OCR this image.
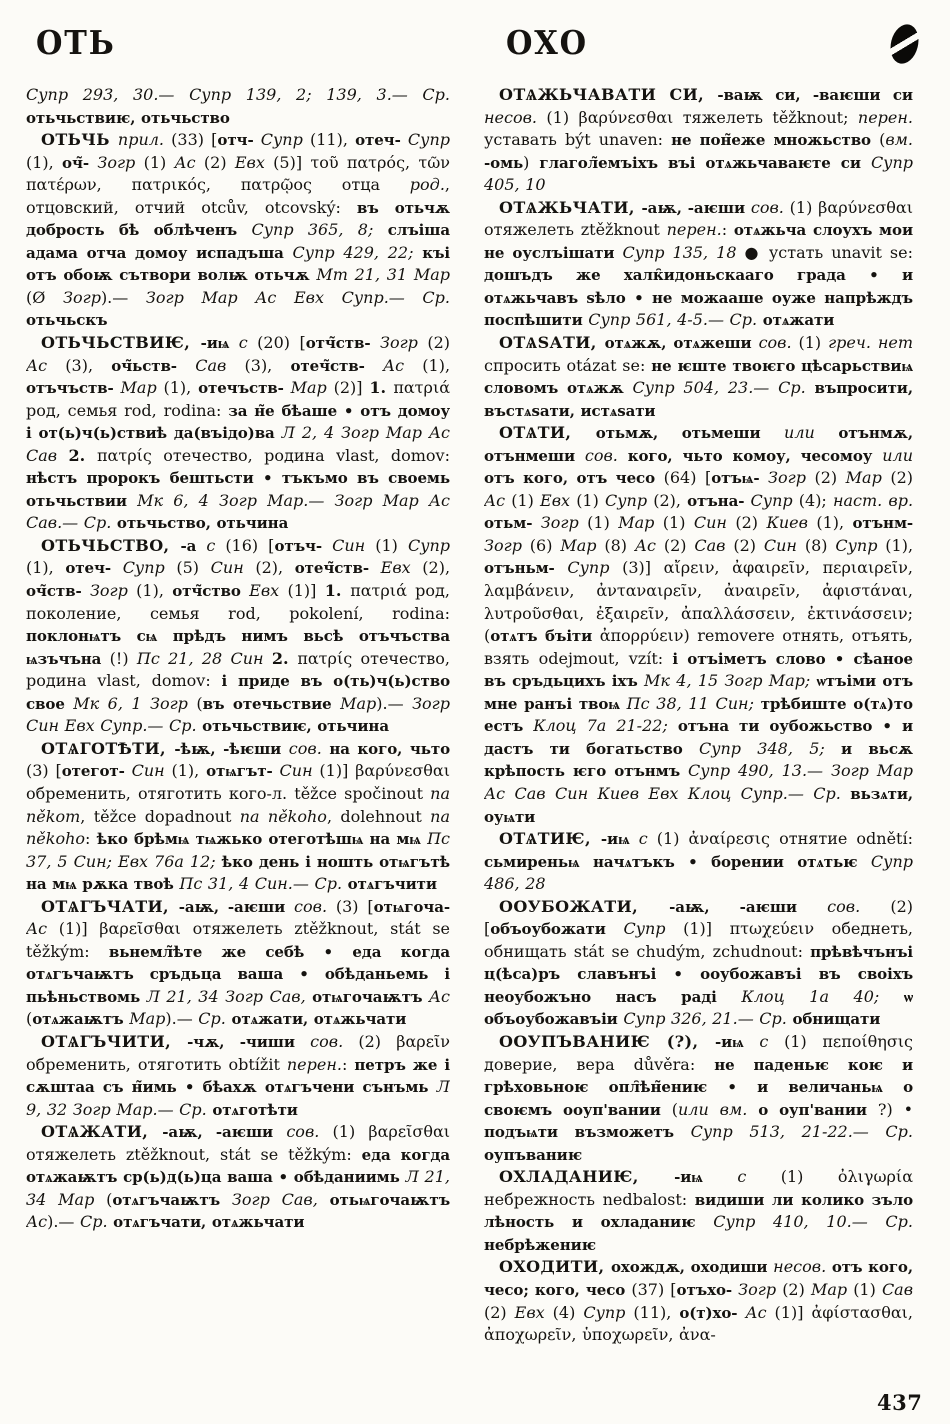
ОТЬ	ОХО

Супр 293, 30.— Супр 139, 2; 139, 3.— Ср. отьчьствиѥ, отьчьство

ОТЬЧЬ прил. (33) [отч- Супр (11), отеч- Супр (1), оч̃- Зогр (1) Ас (2) Евх (5)] τοῦ πατρός, τῶν πατέρων, πατρικός, πατρῷος отца род., отцовский, отчий otcův, otcovský: въ отьчѫ добрость бѣ облѣченъ Супр 365, 8; слъіша адама отча домоу испадъша Супр 429, 22; къі отъ обоѭ сътвори волѭ отьчѫ Мт 21, 31 Мар (Ø Зогр).— Зогр Мар Ас Евх Супр.— Ср. отьчьскъ

ОТЬЧЬСТВИѤ, -иѩ с (20) [отч̃ств- Зогр (2) Ас (3), оч̃ьств- Сав (3), отеч̃ств- Ас (1), отъчъств- Мар (1), отечъств- Мар (2)] 1. πατριά род, семья rod, rodina: за н̃е бѣаше • отъ домоу і от(ь)ч(ь)ствиѣ да(въідо)ва Л 2, 4 Зогр Мар Ас Сав 2. πατρίς отечество, родина vlast, domov: нѣстъ пророкъ бештьсти • тъкъмо въ своемь отьчьствии Мк 6, 4 Зогр Мар.— Зогр Мар Ас Сав.— Ср. отьчьство, отьчина

ОТЬЧЬСТВО, -а с (16) [отъч- Син (1) Супр (1), отеч- Супр (5) Син (2), отеч̃ств- Евх (2), оч̃ств- Зогр (1), отч̃ство Евх (1)] 1. πατριά род, поколение, семья rod, pokolení, rodina: поклонѩтъ сѩ прѣдъ нимъ вьсѣ отъчъства ѩзъчъна (!) Пс 21, 28 Син 2. πατρίς отечество, родина vlast, domov: і приде въ о(ть)ч(ь)ство свое Мк 6, 1 Зогр (въ отечьствие Мар).— Зогр Син Евх Супр.— Ср. отьчьствиѥ, отьчина

ОТѦГОТѢТИ, -ѣѭ, -ѣѥши сов. на кого, чьто (3) [отегот- Син (1), отѩгът- Син (1)] βαρύνεσθαι обременить, отяготить кого-л. těžce spočinout na někom, těžce dopadnout na někoho, dolehnout na někoho: ѣко брѣмѩ тѩжько отеготѣшѩ на мѩ Пс 37, 5 Син; Евх 76а 12; ѣко день і ношть отѩгътѣ на мѩ рѫка твоѣ Пс 31, 4 Син.— Ср. отѧгъчити

ОТѦГЪЧАТИ, -аѭ, -аѥши сов. (3) [отѩгоча- Ас (1)] βαρεῖσθαι отяжелеть ztěžknout, stát se těžkým: вьнемл̃ѣте же себѣ • еда когда отѧгъчаѭтъ сръдьца ваша • обѣданьемь і пьѣньствомь Л 21, 34 Зогр Сав, отѩгочаѭтъ Ас (отѧжаѭтъ Мар).— Ср. отѧжати, отѧжьчати

ОТѦГЪЧИТИ, -чѫ, -чиши сов. (2) βαρεῖν обременить, отяготить obtížit перен.: петръ же і сѫштаа съ н̃имь • бѣахѫ отѧгъчени сънъмь Л 9, 32 Зогр Мар.— Ср. отѧготѣти

ОТѦЖАТИ, -аѭ, -аѥши сов. (1) βαρεῖσθαι отяжелеть ztěžknout, stát se těžkým: еда когда отѧжаѭтъ ср(ь)д(ь)ца ваша • обѣданиимь Л 21, 34 Мар (отѧгъчаѭтъ Зогр Сав, отьѩгочаѭтъ Ас).— Ср. отѧгъчати, отѧжьчати

ОТѦЖЬЧАВАТИ СИ, -ваѭ си, -ваѥши си несов. (1) βαρύνεσθαι тяжелеть těžknout; перен. уставать být unaven: не пон̃еже множьство (вм. -омь) глагол̃емъіхъ въі отѧжьчаваѥте си Супр 405, 10

ОТѦЖЬЧАТИ, -аѭ, -аѥши сов. (1) βαρύνεσθαι отяжелеть ztěžknout перен.: отѧжьча слоухъ мои не оуслъішати Супр 135, 18 ● устать unavit se: дошъдъ же халк̑идоньскааго града • и отѧжьчавъ ѕѣло • не можааше оуже напрѣждъ поспѣшити Супр 561, 4-5.— Ср. отѧжати

ОТѦЅАТИ, отѧжѫ, отѧжеши сов. (1) греч. нет спросить otázat se: не ѥште твоѥго цѣсарьствиѩ словомъ отѧжѫ Супр 504, 23.— Ср. въпросити, въстѧѕати, истѧѕати

ОТѦТИ, отьмѫ, отьмеши или отънмѫ, отънмеши сов. кого, чьто комоу, чесомоу или отъ кого, отъ чесо (64) [отъѩ- Зогр (2) Мар (2) Ас (1) Евх (1) Супр (2), отъна- Супр (4); наст. вр. отьм- Зогр (1) Мар (1) Син (2) Киев (1), отънм- Зогр (6) Мар (8) Ас (2) Сав (2) Син (8) Супр (1), отъньм- Супр (3)] αἴρειν, ἀφαιρεῖν, περιαιρεῖν, λαμβάνειν, ἀνταναιρεῖν, ἀναιρεῖν, ἀφιστάναι, λυτροῦσθαι, ἐξαιρεῖν, ἀπαλλάσσειν, ἐκτινάσσειν; (отѧтъ бъіти ἀπορρύειν) removere отнять, отъять, взять odejmout, vzít: і отъіметъ слово • сѣаное въ сръдьцихъ іхъ Мк 4, 15 Зогр Мар; ѡтъіми отъ мне ранъі твоѩ Пс 38, 11 Син; трѣбиште о(тѧ)то естъ Клоц 7а 21-22; отъна ти оубожьство • и дастъ ти богатьство Супр 348, 5; и вьсѫ крѣпость ѥго отънмъ Супр 490, 13.— Зогр Мар Ас Сав Син Киев Евх Клоц Супр.— Ср. вьзѧти, оуѩти

ОТѦТИѤ, -иѩ с (1) ἀναίρεσις отнятие odnětí: сьмиреньѩ начѧтъкъ • борении отѧтьѥ Супр 486, 28

ООУБОЖАТИ, -аѭ, -аѥши сов. (2) [объоубожати Супр (1)] πτωχεύειν обеднеть, обнищать stát se chudým, zchudnout: прѣвѣчънъі ц(ѣса)ръ славънъі • ооубожавъі въ своіхъ неоубожъно насъ раді Клоц 1а 40; ѡ объоубожавъіи Супр 326, 21.— Ср. обнищати

ООУПЪВАНИѤ (?), -иѩ с (1) πεποίθησις доверие, вера důvěra: не паденьѥ коѥ и грѣховьноѥ опл̑ѣн̃ениѥ • и величаньѩ о своѥмъ ооуп'вании (или вм. о оуп'вании ?) • подъѩти възможетъ Супр 513, 21-22.— Ср. оупъваниѥ

ОХЛАДАНИѤ, -иѩ с (1) ὀλιγωρία небрежность nedbalost: видиши ли колико зъло лѣность и охладаниѥ Супр 410, 10.— Ср. небрѣжениѥ

ОХОДИТИ, охождѫ, оходиши несов. отъ кого, чесо; кого, чесо (37) [отъхо- Зогр (2) Мар (1) Сав (2) Евх (4) Супр (11), о(т)хо- Ас (1)] ἀφίστασθαι, ἀποχωρεῖν, ὑποχωρεῖν, ἀνα-

437
